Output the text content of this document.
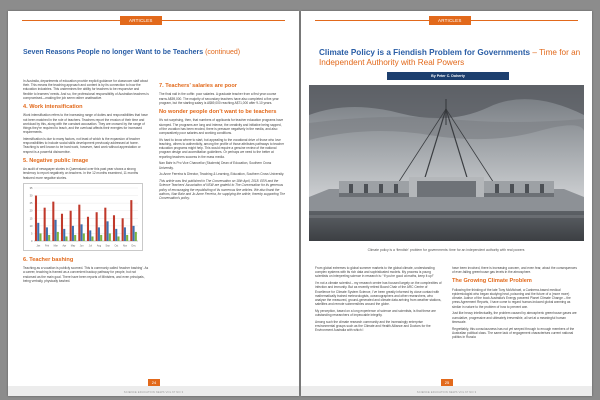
ARTICLES
Seven Reasons People no longer Want to be Teachers (continued)

In Australia, departments of education provide explicit guidance for classroom staff about their. This means the teaching approach and content is by its connection to how the education industries. This undermines the ability for teachers to be responsive and flexible to learners’ needs. And so, the professional responsibility of Australian teachers is compromised—making the job seem rather unattractive.

4. Work intensification

Work intensification refers to the increasing range of duties and responsibilities that have not been matched in the role of teachers. Teachers report the erosion of their time and workload by this, along with the constant accusation. They are crossed by the range of things they’re required to teach, and the overload affects their energies for increased requirements.

Intensification is due to many factors, not least of which is the expansion of teacher responsibilities to include social skills development previously addressed at home. Teaching is well known to be hard work, however, hard work without appreciation or respect is a powerful disincentive.

5. Negative public image

An audit of newspaper stories in Queensland over this past year shows a strong tendency to report negatively on teachers. In the 12 months examined, 11 months featured more negative stories.

0
5
10
15
20
25
30
35
Jan Feb Mar Apr May	Jun Jul Aug Sep Oct Nov	Dec
6. Teacher bashing

Teaching as a vocation is publicly scorned. This is commonly called ‘teacher bashing’. As a career, teaching is framed as a convenient backup pathway for people, but not endorsed as the main goal. There have been reports of Ministers, and even principals, being verbally, physically bashed.

7. Teachers’ salaries are poor

The final nail in the coffin: poor salaries. A graduate teacher from a first year course earns A$59,000. The majority of secondary teachers have also completed a five-year program, but the starting salary is A$69,000 reaching A$71,000 after 9-10 years.

No wonder people don’t want to be teachers

It’s not surprising, then, that numbers of applicants for teacher education programs have slumped. The programs are long and intense, the creativity and initiative being sapped, of the vocation has been eroded, there is pressure negatively in the media, and also comparatively poor salaries and working conditions.

It’s hard to know where to start, but appealing to the vocational drive of those who love teaching, others to authenticity, among the profile of those attributes pathways to teacher education programs might help. This would require a genuine review of the national program design and accreditation guidelines. Or perhaps we need to the better at reporting teachers success in the mass media.

Nan Bahr is Pro Vice Chancellor (Students) Dean of Education, Southern Cross University.

Jo-Anne Ferreira is Director, Teaching & Learning, Education, Southern Cross University.

This article was first published in The Conversation on 18th April, 2018. EEN and the Science Teachers’ Association of NSW are grateful to The Conversation for its generous policy of encouraging the republishing of its numerous fine articles. We also thank the authors, Nan Bahr and Jo-Anne Ferreira, for supplying the article, thereby supporting The Conversation’s policy.

24
SCIENCE EDUCATION NEWS VOL 67 NO 3
ARTICLES
Climate Policy is a Fiendish Problem for Governments – Time for an Independent Authority with Real Powers
By Peter C. Doherty
Climate policy is a ‘fiendish’ problem for governments: time for an independent authority with real powers

From global extremes to global summer markets to the global climate, understanding complex systems with its rich data and sophisticated models. My process is young scientists on interpreting science in research is: “If you’re good at maths, keep it up!”

I’m not a climate scientist – my research centre has focused largely on the complexities of infection and immunity. But as recently retired Board Chair of the ARC Centre of Excellence for Climate System Science, I’ve been greatly informed by close contact with mathematically trained meteorologists, oceanographers and other researchers, who analyse the measured, ground-generated and climate data arriving from weather stations, satellites and remote submersibles around the globe.

My perception, based on a long experience of science and scientists, is that these are outstanding researchers of impeccable integrity.

Among such the climate research community and the increasingly enterprise environmental groups such as the Climate and Health Alliance and Doctors for the Environment Australia with which I

have been involved, there is increasing concern, and even fear, about the consequences of ever-failing greenhouse gas levels in the atmosphere.

The Growing Climate Problem

Following the thinking of the late Tony McMichael, a Canberra-based medical epidemiologist who began studying heat, poisoning and the future of a (more more) climate. Author of the book Australia’s Energy powered Planet Climate Change – the press Agreement Reports, I have come to regard human-induced global warming as similar in nature to the problem of how to prevent war.

Just like heavy intellectuality, the problem caused by atmospheric greenhouse gases are cumulative, progressive and ultimately irreversible, all set at a meaningful human timescale.

Regrettably, this consciousness has not yet seeped through to enough members of the Australian political class. The same lack of engagement characterises current national politics in Russia

25
SCIENCE EDUCATION NEWS VOL 67 NO 3
